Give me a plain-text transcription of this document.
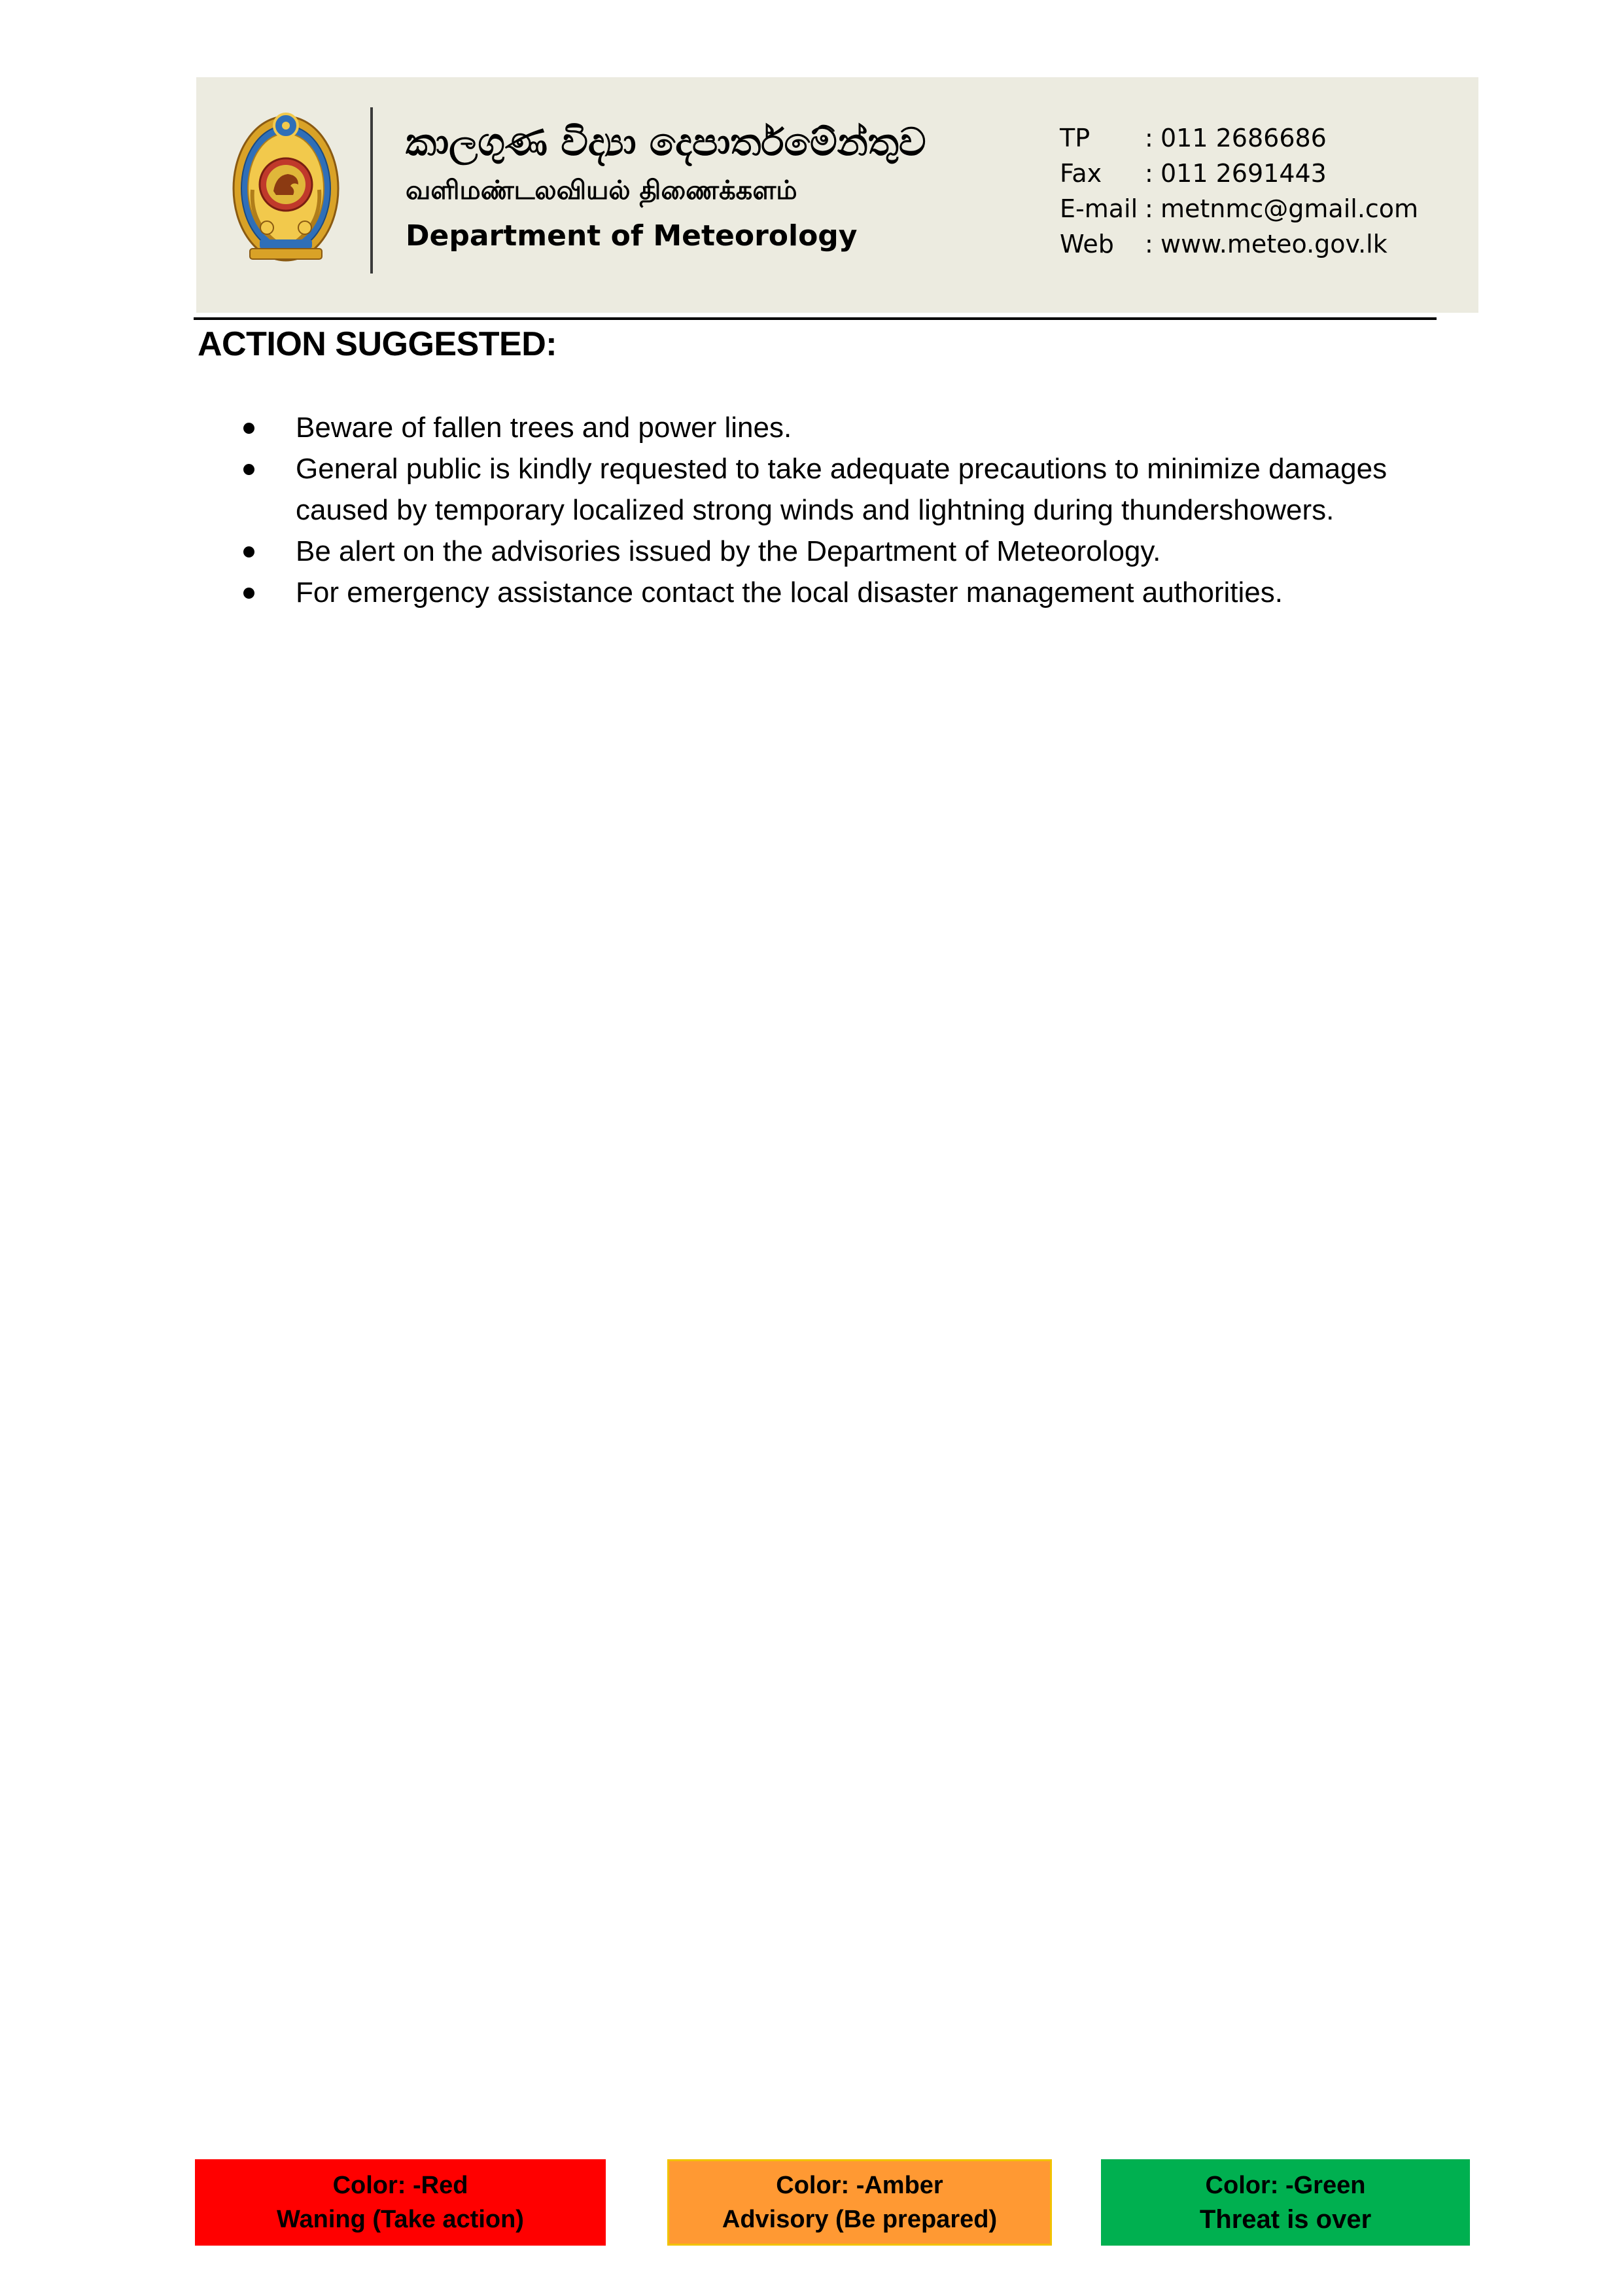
කාලගුණ විද්‍යා දෙපාර්තමේන්තුව
வளிமண்டலவியல் திணைக்களம்
Department of Meteorology
TP : 011 2686686
Fax : 011 2691443
E-mail : metnmc@gmail.com
Web : www.meteo.gov.lk
ACTION SUGGESTED:
Beware of fallen trees and power lines.
General public is kindly requested to take adequate precautions to minimize damages caused by temporary localized strong winds and lightning during thundershowers.
Be alert on the advisories issued by the Department of Meteorology.
For emergency assistance contact the local disaster management authorities.
Color: -Red
Waning (Take action)
Color: -Amber
Advisory (Be prepared)
Color: -Green
Threat is over
